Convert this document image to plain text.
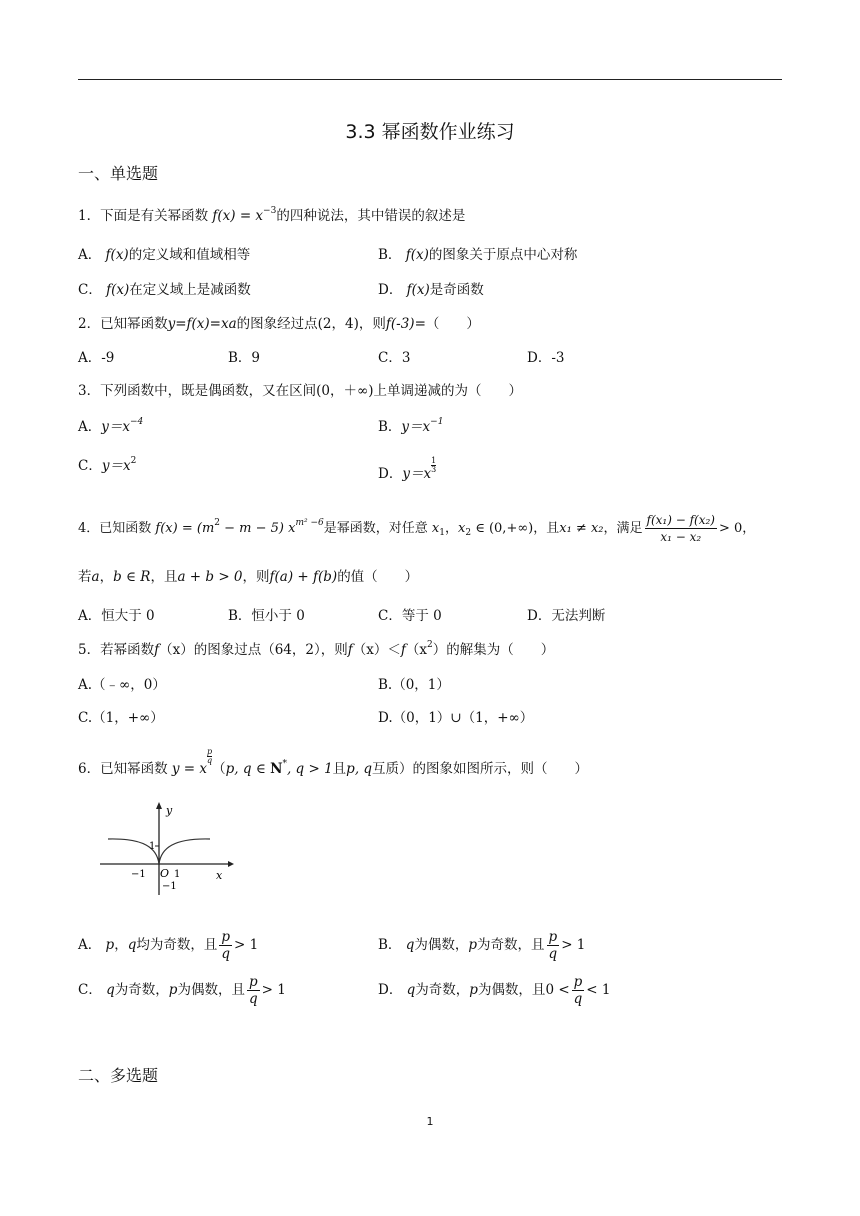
3.3 幂函数作业练习
一、单选题
1．下面是有关幂函数 $f(x) = x^{-3}$的四种说法，其中错误的叙述是
A． f(x)的定义域和值域相等	B． f(x)的图象关于原点中心对称
C． f(x)在定义域上是减函数	D． f(x)是奇函数
2．已知幂函数y=f(x)=xa的图象经过点(2，4)，则f(-3)=（　　）
A．-9	B．9	C．3	D．-3
3．下列函数中，既是偶函数，又在区间(0，＋∞)上单调递减的为（　　）
A．$y=x^{-4}$	B．$y=x^{-1}$
C．$y=x^2$
D．$y=x \frac{1}{3}$
4．已知函数 $f(x) = (m^2 - m - 5)$ $x^{m^2 -6}$是幂函数，对任意 $x_1$，$x_2$ ∈ (0,+∞)，且x₁ ≠ x₂，满足 $\frac{\text{f(x₁) − f(x₂)}}{\text{x₁ − x₂}} > 0$，
若a，b ∈ R，且a + b > 0，则f(a) + f(b)的值（　　）
A．恒大于 0	B．恒小于 0	C．等于 0	D．无法判断
5．若幂函数f（x）的图象过点（64，2），则$f(x)<f(x^2)$的解集为（　　）
A.（﹣∞，0）	B.（0，1）
C.（1，+∞）	D.（0，1）∪（1，+∞）
6．已知幂函数 y = x
$\frac{p}{q}$
（p, q ∈ N*, q > 1且p, q互质）的图象如图所示，则（　　）
y
x
1
−1 O 1
−1
A． p，q均为奇数，且 $\frac{p}{q} > 1$	B． q为偶数，p为奇数，且 $\frac{p}{q} > 1$
C． q为奇数，p为偶数，且 $\frac{p}{q} > 1$	D． q为奇数，p为偶数，且$0 < \frac{p}{q} < 1$
二、多选题
1
